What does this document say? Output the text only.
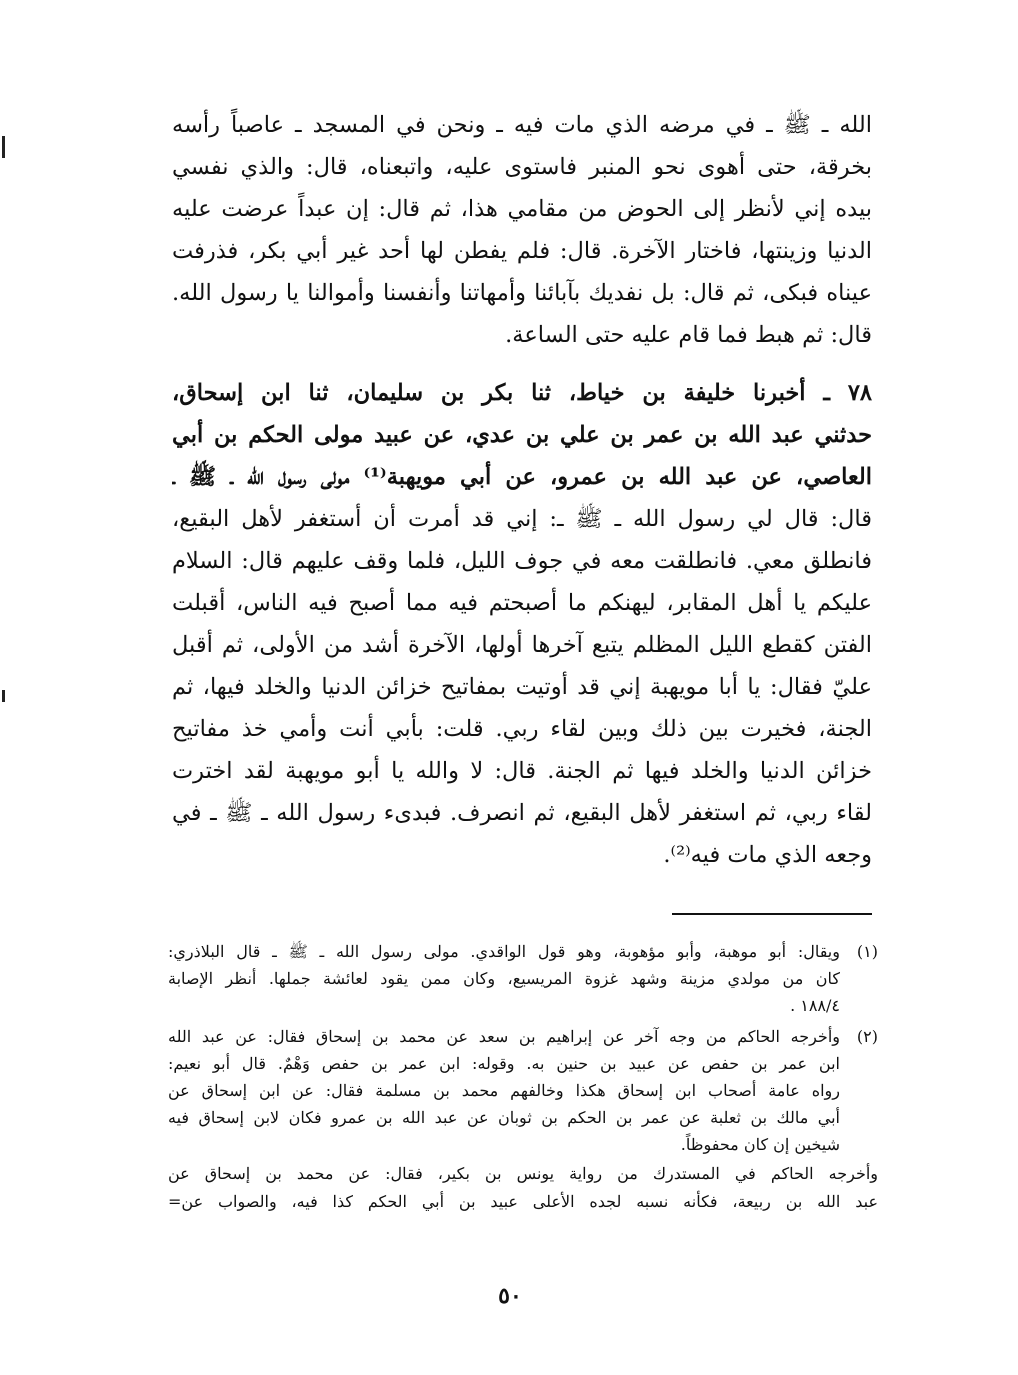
الله ـ ﷺ ـ في مرضه الذي مات فيه ـ ونحن في المسجد ـ عاصباً رأسه
بخرقة، حتى أهوى نحو المنبر فاستوى عليه، واتبعناه، قال: والذي نفسي
بيده إني لأنظر إلى الحوض من مقامي هذا، ثم قال: إن عبداً عرضت عليه
الدنيا وزينتها، فاختار الآخرة. قال: فلم يفطن لها أحد غير أبي بكر، فذرفت
عيناه فبكى، ثم قال: بل نفديك بآبائنا وأمهاتنا وأنفسنا وأموالنا يا رسول الله.
قال: ثم هبط فما قام عليه حتى الساعة.
٧٨ ـ أخبرنا خليفة بن خياط، ثنا بكر بن سليمان، ثنا ابن إسحاق،
حدثني عبد الله بن عمر بن علي بن عدي، عن عبيد مولى الحكم بن أبي
العاصي، عن عبد الله بن عمرو، عن أبي مويهبة⁽¹⁾ مولى رسول الله ـ ﷺ ـ
قال: قال لي رسول الله ـ ﷺ ـ: إني قد أمرت أن أستغفر لأهل البقيع،
فانطلق معي. فانطلقت معه في جوف الليل، فلما وقف عليهم قال: السلام
عليكم يا أهل المقابر، ليهنكم ما أصبحتم فيه مما أصبح فيه الناس، أقبلت
الفتن كقطع الليل المظلم يتبع آخرها أولها، الآخرة أشد من الأولى، ثم أقبل
عليّ فقال: يا أبا مويهبة إني قد أوتيت بمفاتيح خزائن الدنيا والخلد فيها، ثم
الجنة، فخيرت بين ذلك وبين لقاء ربي. قلت: بأبي أنت وأمي خذ مفاتيح
خزائن الدنيا والخلد فيها ثم الجنة. قال: لا والله يا أبو مويهبة لقد اخترت
لقاء ربي، ثم استغفر لأهل البقيع، ثم انصرف. فبدىء رسول الله ـ ﷺ ـ في
وجعه الذي مات فيه⁽²⁾.
(١)
ويقال: أبو موهبة، وأبو مؤهوبة، وهو قول الواقدي. مولى رسول الله ـ ﷺ ـ قال البلاذري:
كان من مولدي مزينة وشهد غزوة المريسيع، وكان ممن يقود لعائشة جملها. أنظر الإصابة
١٨٨/٤ .
(٢)
وأخرجه الحاكم من وجه آخر عن إبراهيم بن سعد عن محمد بن إسحاق فقال: عن عبد الله
ابن عمر بن حفص عن عبيد بن حنين به. وقوله: ابن عمر بن حفص وَهْمٌ. قال أبو نعيم:
رواه عامة أصحاب ابن إسحاق هكذا وخالفهم محمد بن مسلمة فقال: عن ابن إسحاق عن
أبي مالك بن ثعلبة عن عمر بن الحكم بن ثوبان عن عبد الله بن عمرو فكان لابن إسحاق فيه
شيخين إن كان محفوظاً.
وأخرجه الحاكم في المستدرك من رواية يونس بن بكير، فقال: عن محمد بن إسحاق عن
عبد الله بن ربيعة، فكأنه نسبه لجده الأعلى عبيد بن أبي الحكم كذا فيه، والصواب عن=
٥٠
